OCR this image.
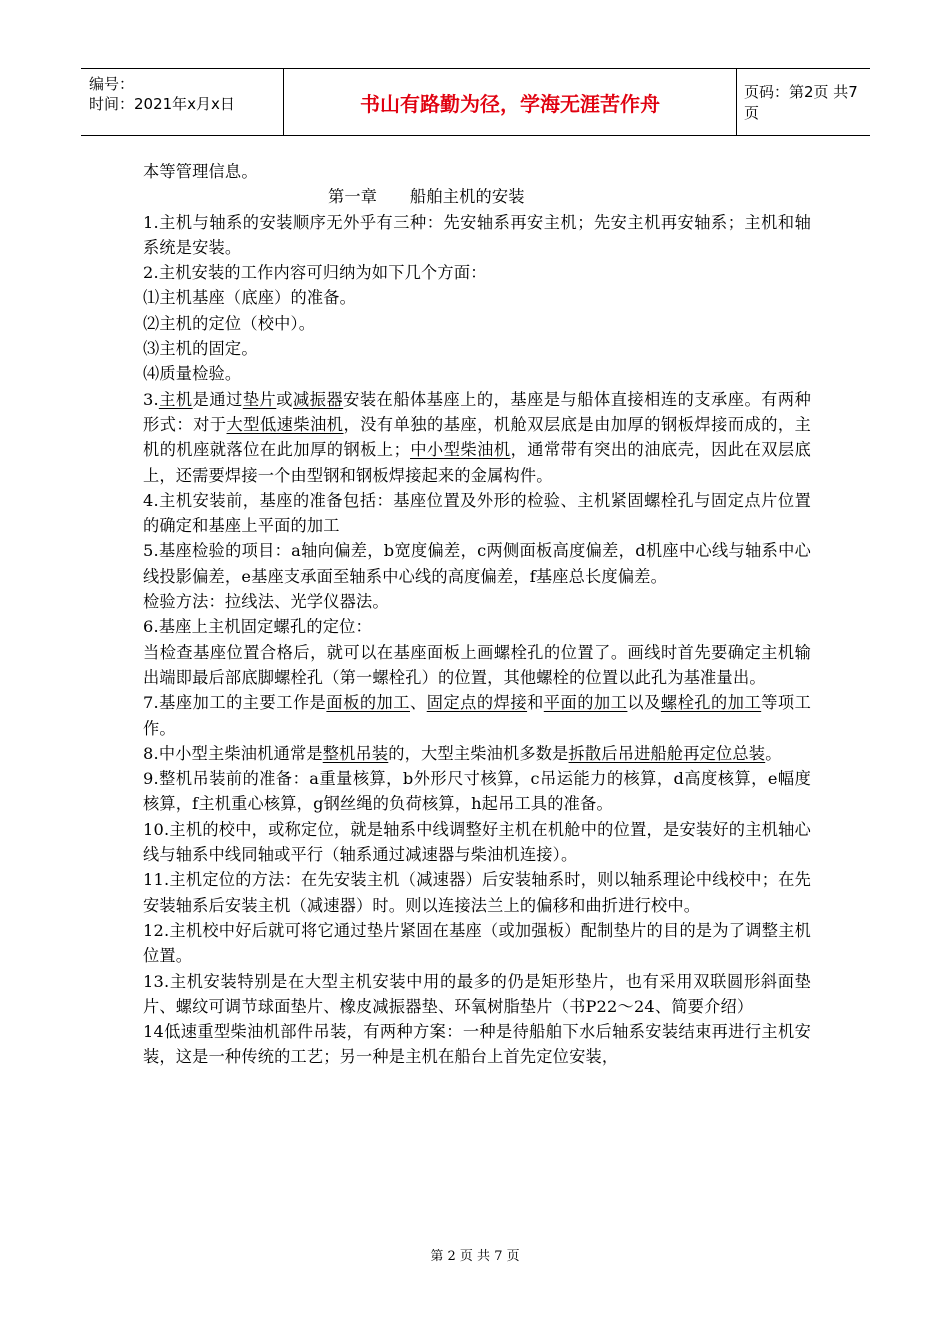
编号：
时间：2021年x月x日	书山有路勤为径，学海无涯苦作舟	页码：第2页 共7页

本等管理信息。

第一章　　船舶主机的安装

1.主机与轴系的安装顺序无外乎有三种：先安轴系再安主机；先安主机再安轴系；主机和轴系统是安装。

2.主机安装的工作内容可归纳为如下几个方面：

⑴主机基座（底座）的准备。

⑵主机的定位（校中）。

⑶主机的固定。

⑷质量检验。

3.主机是通过垫片或减振器安装在船体基座上的，基座是与船体直接相连的支承座。有两种形式：对于大型低速柴油机，没有单独的基座，机舱双层底是由加厚的钢板焊接而成的，主机的机座就落位在此加厚的钢板上；中小型柴油机，通常带有突出的油底壳，因此在双层底上，还需要焊接一个由型钢和钢板焊接起来的金属构件。

4.主机安装前，基座的准备包括：基座位置及外形的检验、主机紧固螺栓孔与固定点片位置的确定和基座上平面的加工

5.基座检验的项目：a轴向偏差，b宽度偏差，c两侧面板高度偏差，d机座中心线与轴系中心线投影偏差，e基座支承面至轴系中心线的高度偏差，f基座总长度偏差。

检验方法：拉线法、光学仪器法。

6.基座上主机固定螺孔的定位：

当检查基座位置合格后，就可以在基座面板上画螺栓孔的位置了。画线时首先要确定主机输出端即最后部底脚螺栓孔（第一螺栓孔）的位置，其他螺栓的位置以此孔为基准量出。

7.基座加工的主要工作是面板的加工、固定点的焊接和平面的加工以及螺栓孔的加工等项工作。

8.中小型主柴油机通常是整机吊装的，大型主柴油机多数是拆散后吊进船舱再定位总装。

9.整机吊装前的准备：a重量核算，b外形尺寸核算，c吊运能力的核算，d高度核算，e幅度核算，f主机重心核算，g钢丝绳的负荷核算，h起吊工具的准备。

10.主机的校中，或称定位，就是轴系中线调整好主机在机舱中的位置，是安装好的主机轴心线与轴系中线同轴或平行（轴系通过减速器与柴油机连接）。

11.主机定位的方法：在先安装主机（减速器）后安装轴系时，则以轴系理论中线校中；在先安装轴系后安装主机（减速器）时。则以连接法兰上的偏移和曲折进行校中。

12.主机校中好后就可将它通过垫片紧固在基座（或加强板）配制垫片的目的是为了调整主机位置。

13.主机安装特别是在大型主机安装中用的最多的仍是矩形垫片，也有采用双联圆形斜面垫片、螺纹可调节球面垫片、橡皮减振器垫、环氧树脂垫片（书P22～24、简要介绍）

14低速重型柴油机部件吊装，有两种方案：一种是待船舶下水后轴系安装结束再进行主机安装，这是一种传统的工艺；另一种是主机在船台上首先定位安装，

第 2 页 共 7 页
